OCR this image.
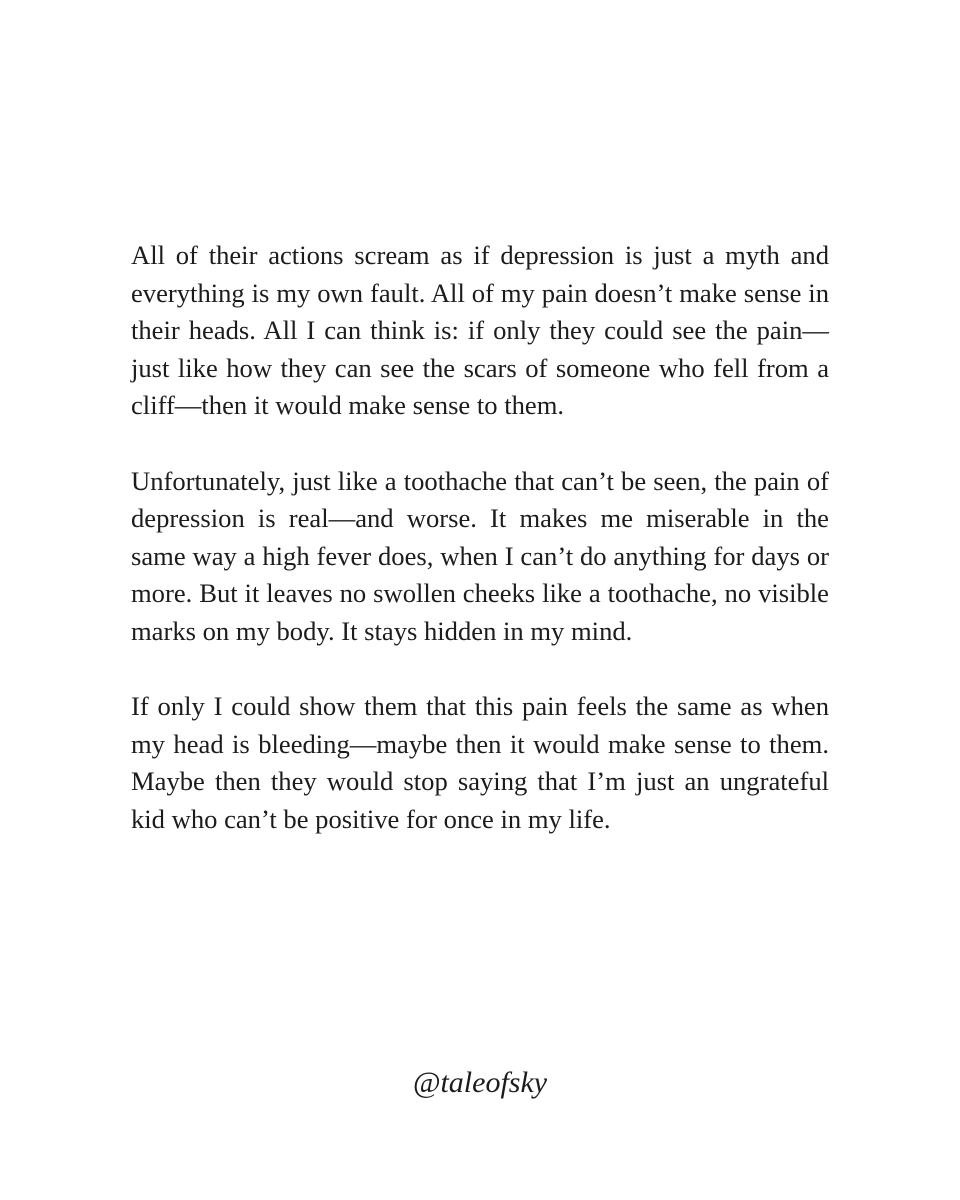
All of their actions scream as if depression is just a myth and everything is my own fault. All of my pain doesn’t make sense in their heads. All I can think is: if only they could see the pain—just like how they can see the scars of someone who fell from a cliff—then it would make sense to them.

Unfortunately, just like a toothache that can’t be seen, the pain of depression is real—and worse. It makes me miserable in the same way a high fever does, when I can’t do anything for days or more. But it leaves no swollen cheeks like a toothache, no visible marks on my body. It stays hidden in my mind.

If only I could show them that this pain feels the same as when my head is bleeding—maybe then it would make sense to them. Maybe then they would stop saying that I’m just an ungrateful kid who can’t be positive for once in my life.

@taleofsky
